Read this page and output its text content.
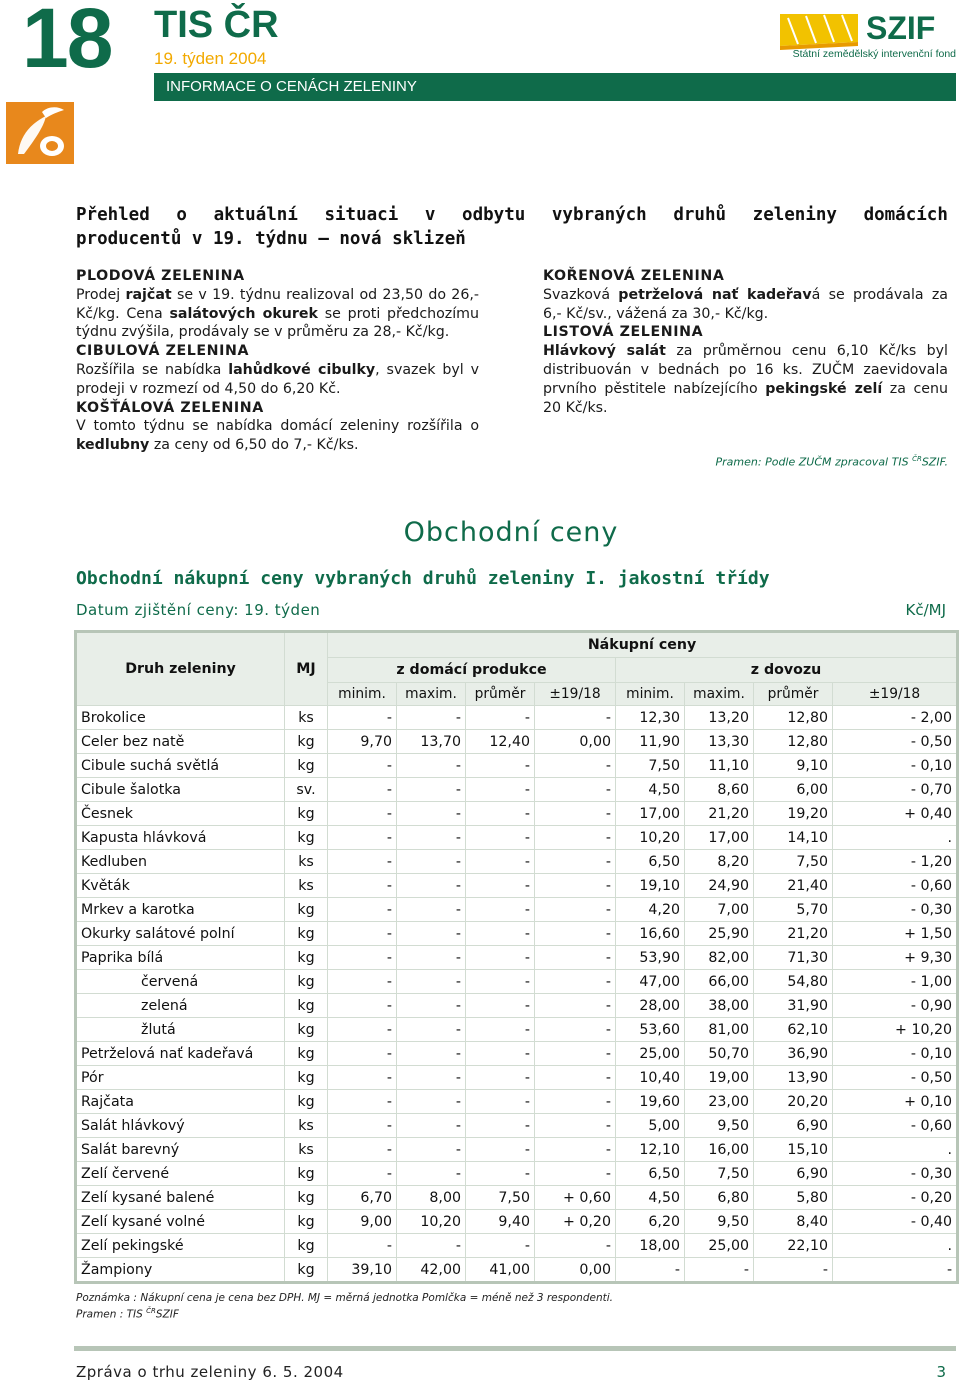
18 TIS ČR
19. týden 2004
INFORMACE O CENÁCH ZELENINY
SZIF
Státní zemědělský intervenční fond
Přehled o aktuální situaci v odbytu vybraných druhů zeleniny domácích
producentů v 19. týdnu – nová sklizeň

PLODOVÁ ZELENINA

Prodej rajčat se v 19. týdnu realizoval od 23,50 do 26,- Kč/kg. Cena salátových okurek se proti předchozímu týdnu zvýšila, prodávaly se v průměru za 28,- Kč/kg.

CIBULOVÁ ZELENINA

Rozšířila se nabídka lahůdkové cibulky, svazek byl v prodeji v rozmezí od 4,50 do 6,20 Kč.

KOŠŤÁLOVÁ ZELENINA

V tomto týdnu se nabídka domácí zeleniny rozšířila o kedlubny za ceny od 6,50 do 7,- Kč/ks.

KOŘENOVÁ ZELENINA

Svazková petrželová nať kadeřavá se prodávala za 6,- Kč/sv., vážená za 30,- Kč/kg.

LISTOVÁ ZELENINA

Hlávkový salát za průměrnou cenu 6,10 Kč/ks byl distribuován v bednách po 16 ks. ZUČM zaevidovala prvního pěstitele nabízejícího pekingské zelí za cenu 20 Kč/ks.

Pramen: Podle ZUČM zpracoval TIS $^{ČR}$SZIF.
Obchodní ceny
Obchodní nákupní ceny vybraných druhů zeleniny I. jakostní třídy
Datum zjištění ceny: 19. týden	Kč/MJ
Druh zeleniny	MJ	Nákupní ceny							
		z domácí produkce				z dovozu			
		minim.	maxim.	průměr	±19/18	minim.	maxim.	průměr	±19/18
Brokolice	ks	-	-	-	-	12,30	13,20	12,80	- 2,00
Celer bez natě	kg	9,70	13,70	12,40	0,00	11,90	13,30	12,80	- 0,50
Cibule suchá světlá	kg	-	-	-	-	7,50	11,10	9,10	- 0,10
Cibule šalotka	sv.	-	-	-	-	4,50	8,60	6,00	- 0,70
Česnek	kg	-	-	-	-	17,00	21,20	19,20	+ 0,40
Kapusta hlávková	kg	-	-	-	-	10,20	17,00	14,10	.
Kedluben	ks	-	-	-	-	6,50	8,20	7,50	- 1,20
Květák	ks	-	-	-	-	19,10	24,90	21,40	- 0,60
Mrkev a karotka	kg	-	-	-	-	4,20	7,00	5,70	- 0,30
Okurky salátové polní	kg	-	-	-	-	16,60	25,90	21,20	+ 1,50
Paprika bílá	kg	-	-	-	-	53,90	82,00	71,30	+ 9,30
červená	kg	-	-	-	-	47,00	66,00	54,80	- 1,00
zelená	kg	-	-	-	-	28,00	38,00	31,90	- 0,90
žlutá	kg	-	-	-	-	53,60	81,00	62,10	+ 10,20
Petrželová nať kadeřavá	kg	-	-	-	-	25,00	50,70	36,90	- 0,10
Pór	kg	-	-	-	-	10,40	19,00	13,90	- 0,50
Rajčata	kg	-	-	-	-	19,60	23,00	20,20	+ 0,10
Salát hlávkový	ks	-	-	-	-	5,00	9,50	6,90	- 0,60
Salát barevný	ks	-	-	-	-	12,10	16,00	15,10	.
Zelí červené	kg	-	-	-	-	6,50	7,50	6,90	- 0,30
Zelí kysané balené	kg	6,70	8,00	7,50	+ 0,60	4,50	6,80	5,80	- 0,20
Zelí kysané volné	kg	9,00	10,20	9,40	+ 0,20	6,20	9,50	8,40	- 0,40
Zelí pekingské	kg	-	-	-	-	18,00	25,00	22,10	.
Žampiony	kg	39,10	42,00	41,00	0,00	-	-	-	-
Poznámka : Nákupní cena je cena bez DPH. MJ = měrná jednotka Pomlčka = méně než 3 respondenti.
Pramen : TIS $^{ČR}$SZIF
Zpráva o trhu zeleniny 6. 5. 2004	3
